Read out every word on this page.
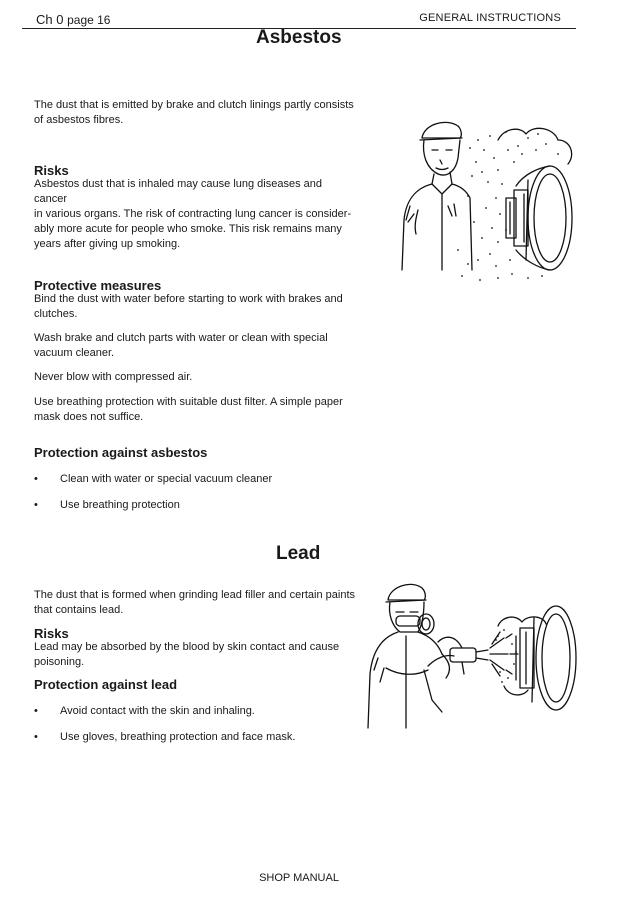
Ch 0 page 16	GENERAL INSTRUCTIONS
Asbestos
The dust that is emitted by brake and clutch linings partly consists
of asbestos fibres.
Risks
Asbestos dust that is inhaled may cause lung diseases and cancer
in various organs. The risk of contracting lung cancer is consider-
ably more acute for people who smoke. This risk remains many
years after giving up smoking.
Protective measures
Bind the dust with water before starting to work with brakes and
clutches.
Wash brake and clutch parts with water or clean with special
vacuum cleaner.
Never blow with compressed air.
Use breathing protection with suitable dust filter. A simple paper
mask does not suffice.
Protection against asbestos
• Clean with water or special vacuum cleaner
• Use breathing protection
Lead
The dust that is formed when grinding lead filler and certain paints
that contains lead.
Risks
Lead may be absorbed by the blood by skin contact and cause
poisoning.
Protection against lead
• Avoid contact with the skin and inhaling.
• Use gloves, breathing protection and face mask.
SHOP MANUAL
